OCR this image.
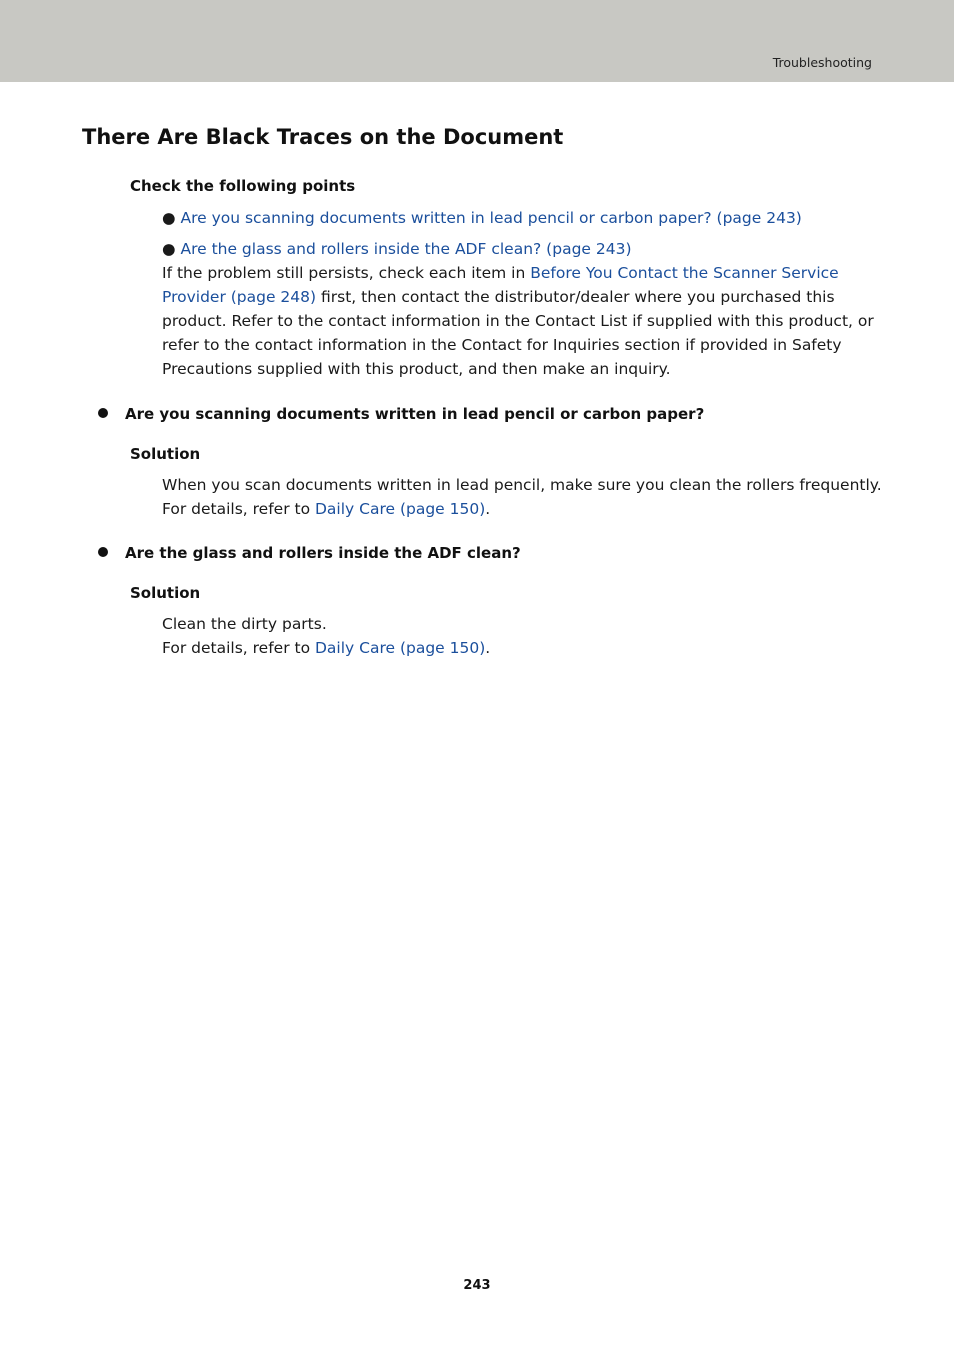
Troubleshooting
There Are Black Traces on the Document
Check the following points
● Are you scanning documents written in lead pencil or carbon paper? (page 243)
● Are the glass and rollers inside the ADF clean? (page 243)
If the problem still persists, check each item in Before You Contact the Scanner Service
Provider (page 248) first, then contact the distributor/dealer where you purchased this
product. Refer to the contact information in the Contact List if supplied with this product, or
refer to the contact information in the Contact for Inquiries section if provided in Safety
Precautions supplied with this product, and then make an inquiry.
Are you scanning documents written in lead pencil or carbon paper?
Solution
When you scan documents written in lead pencil, make sure you clean the rollers frequently.
For details, refer to Daily Care (page 150).
Are the glass and rollers inside the ADF clean?
Solution
Clean the dirty parts.
For details, refer to Daily Care (page 150).
243
